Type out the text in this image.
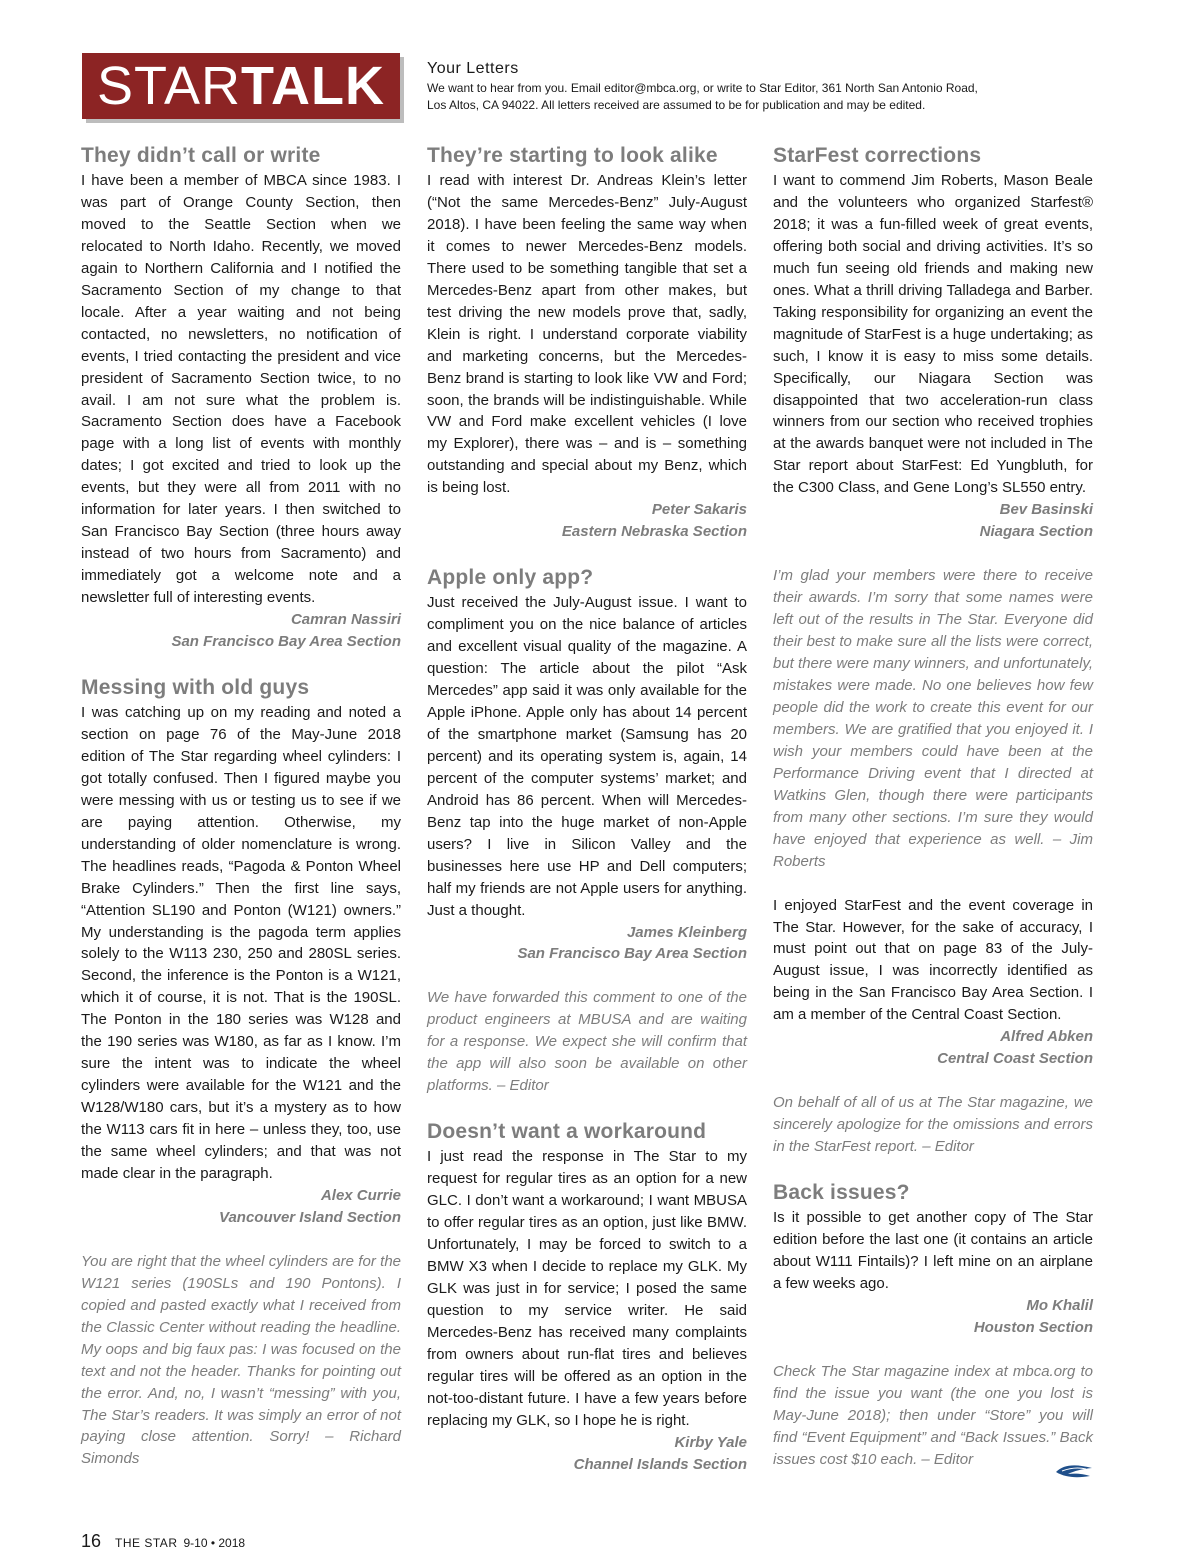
STAR TALK	Your Letters
We want to hear from you. Email editor@mbca.org, or write to Star Editor, 361 North San Antonio Road, Los Altos, CA 94022. All letters received are assumed to be for publication and may be edited.
They didn’t call or write

I have been a member of MBCA since 1983. I was part of Orange County Section, then moved to the Seattle Section when we relocated to North Idaho. Recently, we moved again to Northern California and I notified the Sacramento Section of my change to that locale. After a year waiting and not being contacted, no newsletters, no notification of events, I tried contacting the president and vice president of Sacramento Section twice, to no avail. I am not sure what the problem is. Sacramento Section does have a Facebook page with a long list of events with monthly dates; I got excited and tried to look up the events, but they were all from 2011 with no information for later years. I then switched to San Francisco Bay Section (three hours away instead of two hours from Sacramento) and immediately got a welcome note and a newsletter full of interesting events.

Camran Nassiri

San Francisco Bay Area Section

Messing with old guys

I was catching up on my reading and noted a section on page 76 of the May-June 2018 edition of The Star regarding wheel cylinders: I got totally confused. Then I figured maybe you were messing with us or testing us to see if we are paying attention. Otherwise, my understanding of older nomenclature is wrong. The headlines reads, “Pagoda & Ponton Wheel Brake Cylinders.” Then the first line says, “Attention SL190 and Ponton (W121) owners.” My understanding is the pagoda term applies solely to the W113 230, 250 and 280SL series. Second, the inference is the Ponton is a W121, which it of course, it is not. That is the 190SL. The Ponton in the 180 series was W128 and the 190 series was W180, as far as I know. I’m sure the intent was to indicate the wheel cylinders were available for the W121 and the W128/W180 cars, but it’s a mystery as to how the W113 cars fit in here – unless they, too, use the same wheel cylinders; and that was not made clear in the paragraph.

Alex Currie

Vancouver Island Section

You are right that the wheel cylinders are for the W121 series (190SLs and 190 Pontons). I copied and pasted exactly what I received from the Classic Center without reading the headline. My oops and big faux pas: I was focused on the text and not the header. Thanks for pointing out the error. And, no, I wasn’t “messing” with you, The Star’s readers. It was simply an error of not paying close attention. Sorry! – Richard Simonds

They’re starting to look alike

I read with interest Dr. Andreas Klein’s letter (“Not the same Mercedes-Benz” July-August 2018). I have been feeling the same way when it comes to newer Mercedes-Benz models. There used to be something tangible that set a Mercedes-Benz apart from other makes, but test driving the new models prove that, sadly, Klein is right. I understand corporate viability and marketing concerns, but the Mercedes-Benz brand is starting to look like VW and Ford; soon, the brands will be indistinguishable. While VW and Ford make excellent vehicles (I love my Explorer), there was – and is – something outstanding and special about my Benz, which is being lost.

Peter Sakaris

Eastern Nebraska Section

Apple only app?

Just received the July-August issue. I want to compliment you on the nice balance of articles and excellent visual quality of the magazine. A question: The article about the pilot “Ask Mercedes” app said it was only available for the Apple iPhone. Apple only has about 14 percent of the smartphone market (Samsung has 20 percent) and its operating system is, again, 14 percent of the computer systems’ market; and Android has 86 percent. When will Mercedes-Benz tap into the huge market of non-Apple users? I live in Silicon Valley and the businesses here use HP and Dell computers; half my friends are not Apple users for anything. Just a thought.

James Kleinberg

San Francisco Bay Area Section

We have forwarded this comment to one of the product engineers at MBUSA and are waiting for a response. We expect she will confirm that the app will also soon be available on other platforms. – Editor

Doesn’t want a workaround

I just read the response in The Star to my request for regular tires as an option for a new GLC. I don’t want a workaround; I want MBUSA to offer regular tires as an option, just like BMW. Unfortunately, I may be forced to switch to a BMW X3 when I decide to replace my GLK. My GLK was just in for service; I posed the same question to my service writer. He said Mercedes-Benz has received many complaints from owners about run-flat tires and believes regular tires will be offered as an option in the not-too-distant future. I have a few years before replacing my GLK, so I hope he is right.

Kirby Yale

Channel Islands Section

StarFest corrections

I want to commend Jim Roberts, Mason Beale and the volunteers who organized Starfest® 2018; it was a fun-filled week of great events, offering both social and driving activities. It’s so much fun seeing old friends and making new ones. What a thrill driving Talladega and Barber. Taking responsibility for organizing an event the magnitude of StarFest is a huge undertaking; as such, I know it is easy to miss some details. Specifically, our Niagara Section was disappointed that two acceleration-run class winners from our section who received trophies at the awards banquet were not included in The Star report about StarFest: Ed Yungbluth, for the C300 Class, and Gene Long’s SL550 entry.

Bev Basinski

Niagara Section

I’m glad your members were there to receive their awards. I’m sorry that some names were left out of the results in The Star. Everyone did their best to make sure all the lists were correct, but there were many winners, and unfortunately, mistakes were made. No one believes how few people did the work to create this event for our members. We are gratified that you enjoyed it. I wish your members could have been at the Performance Driving event that I directed at Watkins Glen, though there were participants from many other sections. I’m sure they would have enjoyed that experience as well. – Jim Roberts

I enjoyed StarFest and the event coverage in The Star. However, for the sake of accuracy, I must point out that on page 83 of the July-August issue, I was incorrectly identified as being in the San Francisco Bay Area Section. I am a member of the Central Coast Section.

Alfred Abken

Central Coast Section

On behalf of all of us at The Star magazine, we sincerely apologize for the omissions and errors in the StarFest report. – Editor

Back issues?

Is it possible to get another copy of The Star edition before the last one (it contains an article about W111 Fintails)? I left mine on an airplane a few weeks ago.

Mo Khalil

Houston Section

Check The Star magazine index at mbca.org to find the issue you want (the one you lost is May-June 2018); then under “Store” you will find “Event Equipment” and “Back Issues.” Back issues cost $10 each. – Editor

16 THE STAR 9-10 • 2018
